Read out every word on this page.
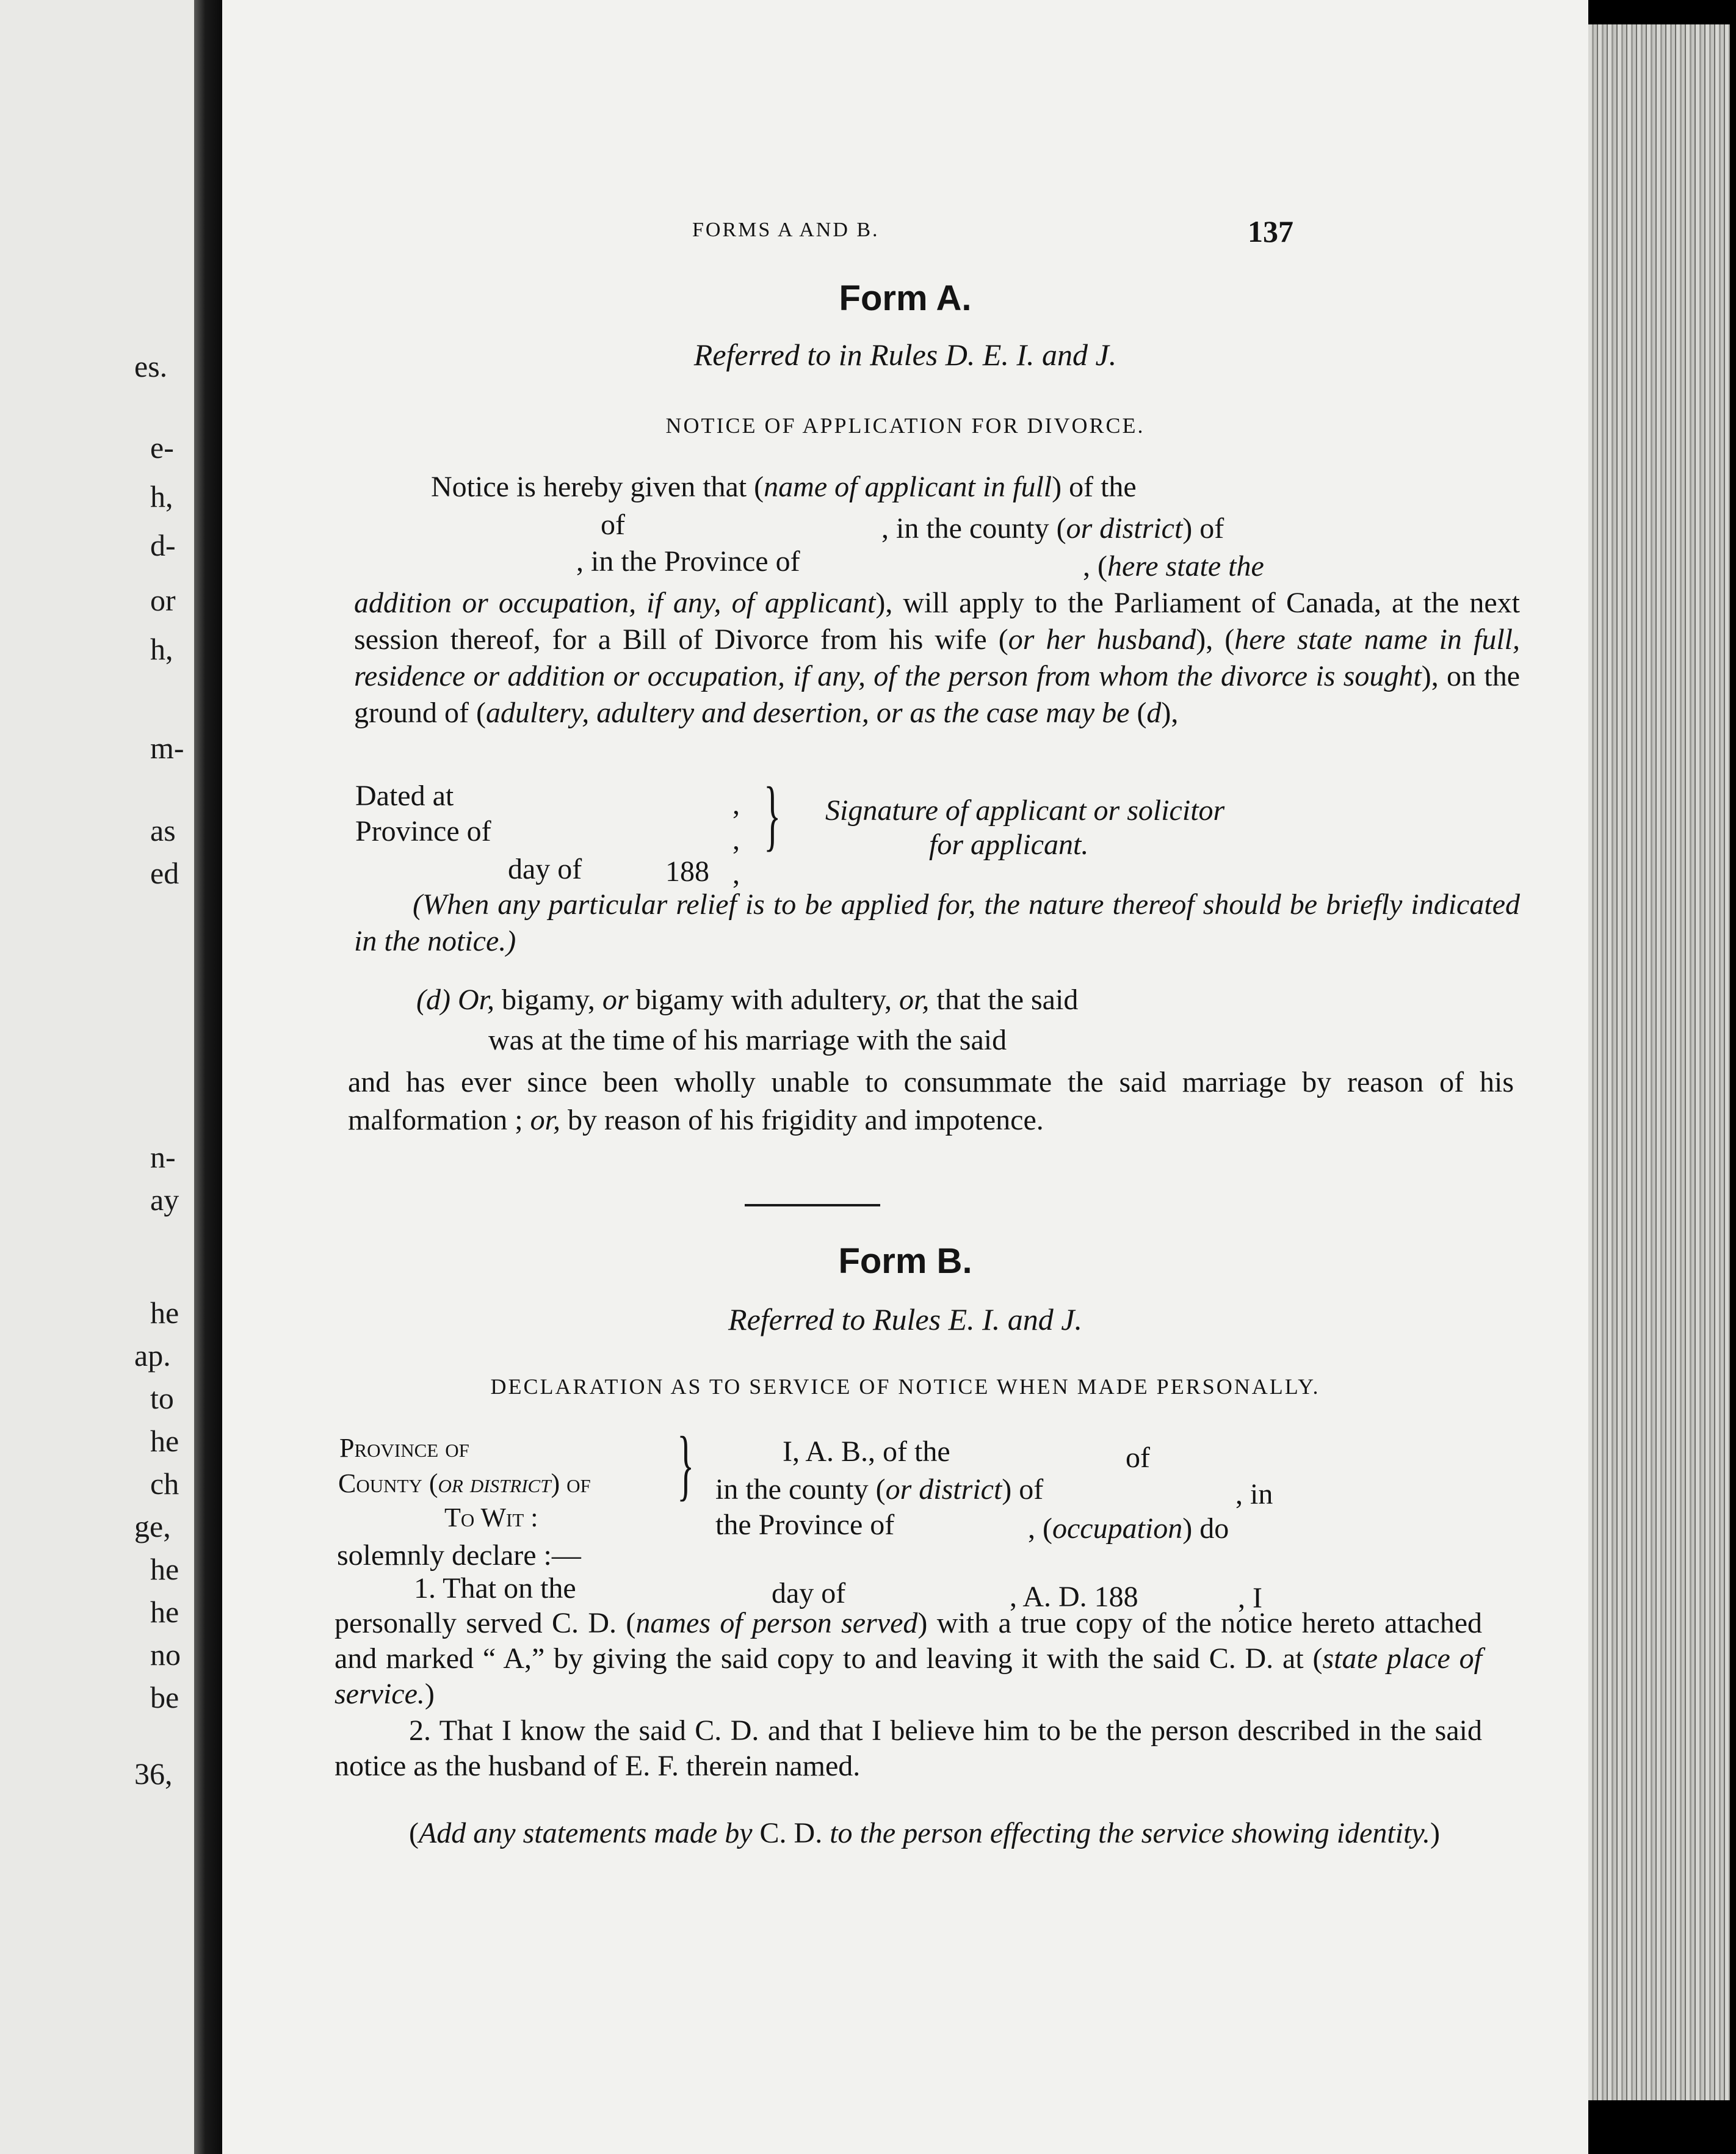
es.
e-
h,
d-
or
h,
m-
as
ed
n-
ay
he
ap.
to
he
ch
ge,
he
he
no
be
36,
FORMS A AND B.	137
Form A.
Referred to in Rules D. E. I. and J.
NOTICE OF APPLICATION FOR DIVORCE.
Notice is hereby given that (name of applicant in full) of the
of	, in the county (or district) of
, in the Province of	, (here state the
addition or occupation, if any, of applicant), will apply to the Parliament of Canada, at the next session thereof, for a Bill of Divorce from his wife (or her husband), (here state name in full, residence or addition or occupation, if any, of the person from whom the divorce is sought), on the ground of (adultery, adultery and desertion, or as the case may be (d),
Dated at	,
Province of	,
day of	188 ,
} Signature of applicant or solicitor
for applicant.
(When any particular relief is to be applied for, the nature thereof should be briefly indicated in the notice.)
(d) Or, bigamy, or bigamy with adultery, or, that the said
was at the time of his marriage with the said
and has ever since been wholly unable to consummate the said marriage by reason of his malformation ; or, by reason of his frigidity and impotence.
Form B.
Referred to Rules E. I. and J.
DECLARATION AS TO SERVICE OF NOTICE WHEN MADE PERSONALLY.
Province of
County (or district) of
To Wit :
}	I, A. B., of the	of
in the county (or district) of	, in
the Province of	, (occupation) do
solemnly declare :—
1. That on the	day of	, A. D. 188	, I
personally served C. D. (names of person served) with a true copy of the notice hereto attached and marked “ A,” by giving the said copy to and leaving it with the said C. D. at (state place of service.)
2. That I know the said C. D. and that I believe him to be the person described in the said notice as the husband of E. F. therein named.
(Add any statements made by C. D. to the person effecting the service showing identity.)
